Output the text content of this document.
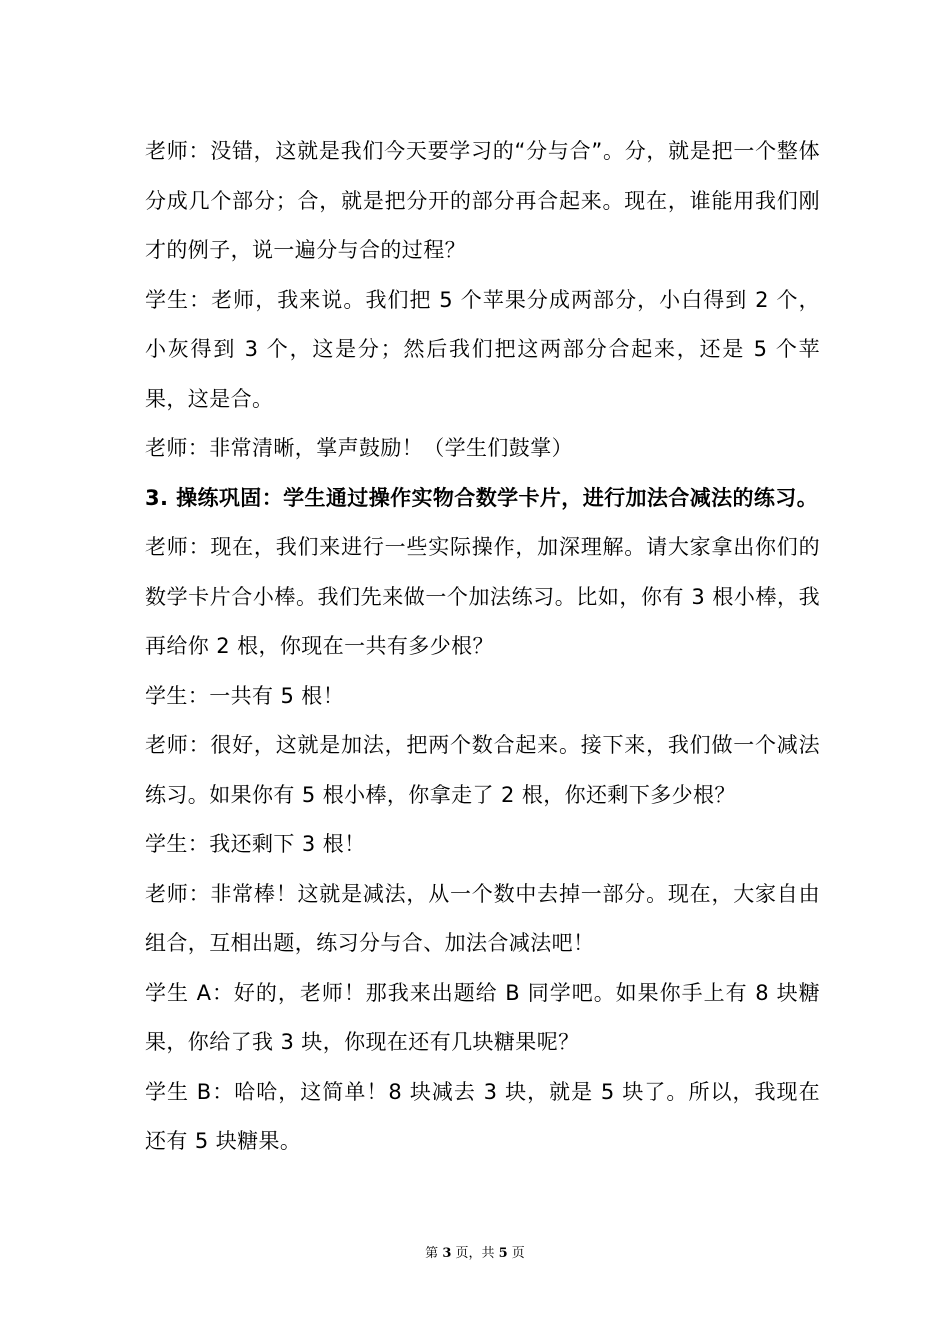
老师：没错，这就是我们今天要学习的“分与合”。分，就是把一个整体分成几个部分；合，就是把分开的部分再合起来。现在，谁能用我们刚才的例子，说一遍分与合的过程？

学生：老师，我来说。我们把 5 个苹果分成两部分，小白得到 2 个，小灰得到 3 个，这是分；然后我们把这两部分合起来，还是 5 个苹果，这是合。

老师：非常清晰，掌声鼓励！（学生们鼓掌）

3. 操练巩固：学生通过操作实物合数学卡片，进行加法合减法的练习。

老师：现在，我们来进行一些实际操作，加深理解。请大家拿出你们的数学卡片合小棒。我们先来做一个加法练习。比如，你有 3 根小棒，我再给你 2 根，你现在一共有多少根？

学生：一共有 5 根！

老师：很好，这就是加法，把两个数合起来。接下来，我们做一个减法练习。如果你有 5 根小棒，你拿走了 2 根，你还剩下多少根？

学生：我还剩下 3 根！

老师：非常棒！这就是减法，从一个数中去掉一部分。现在，大家自由组合，互相出题，练习分与合、加法合减法吧！

学生 A：好的，老师！那我来出题给 B 同学吧。如果你手上有 8 块糖果，你给了我 3 块，你现在还有几块糖果呢？

学生 B：哈哈，这简单！8 块减去 3 块，就是 5 块了。所以，我现在还有 5 块糖果。

第 3 页，共 5 页
